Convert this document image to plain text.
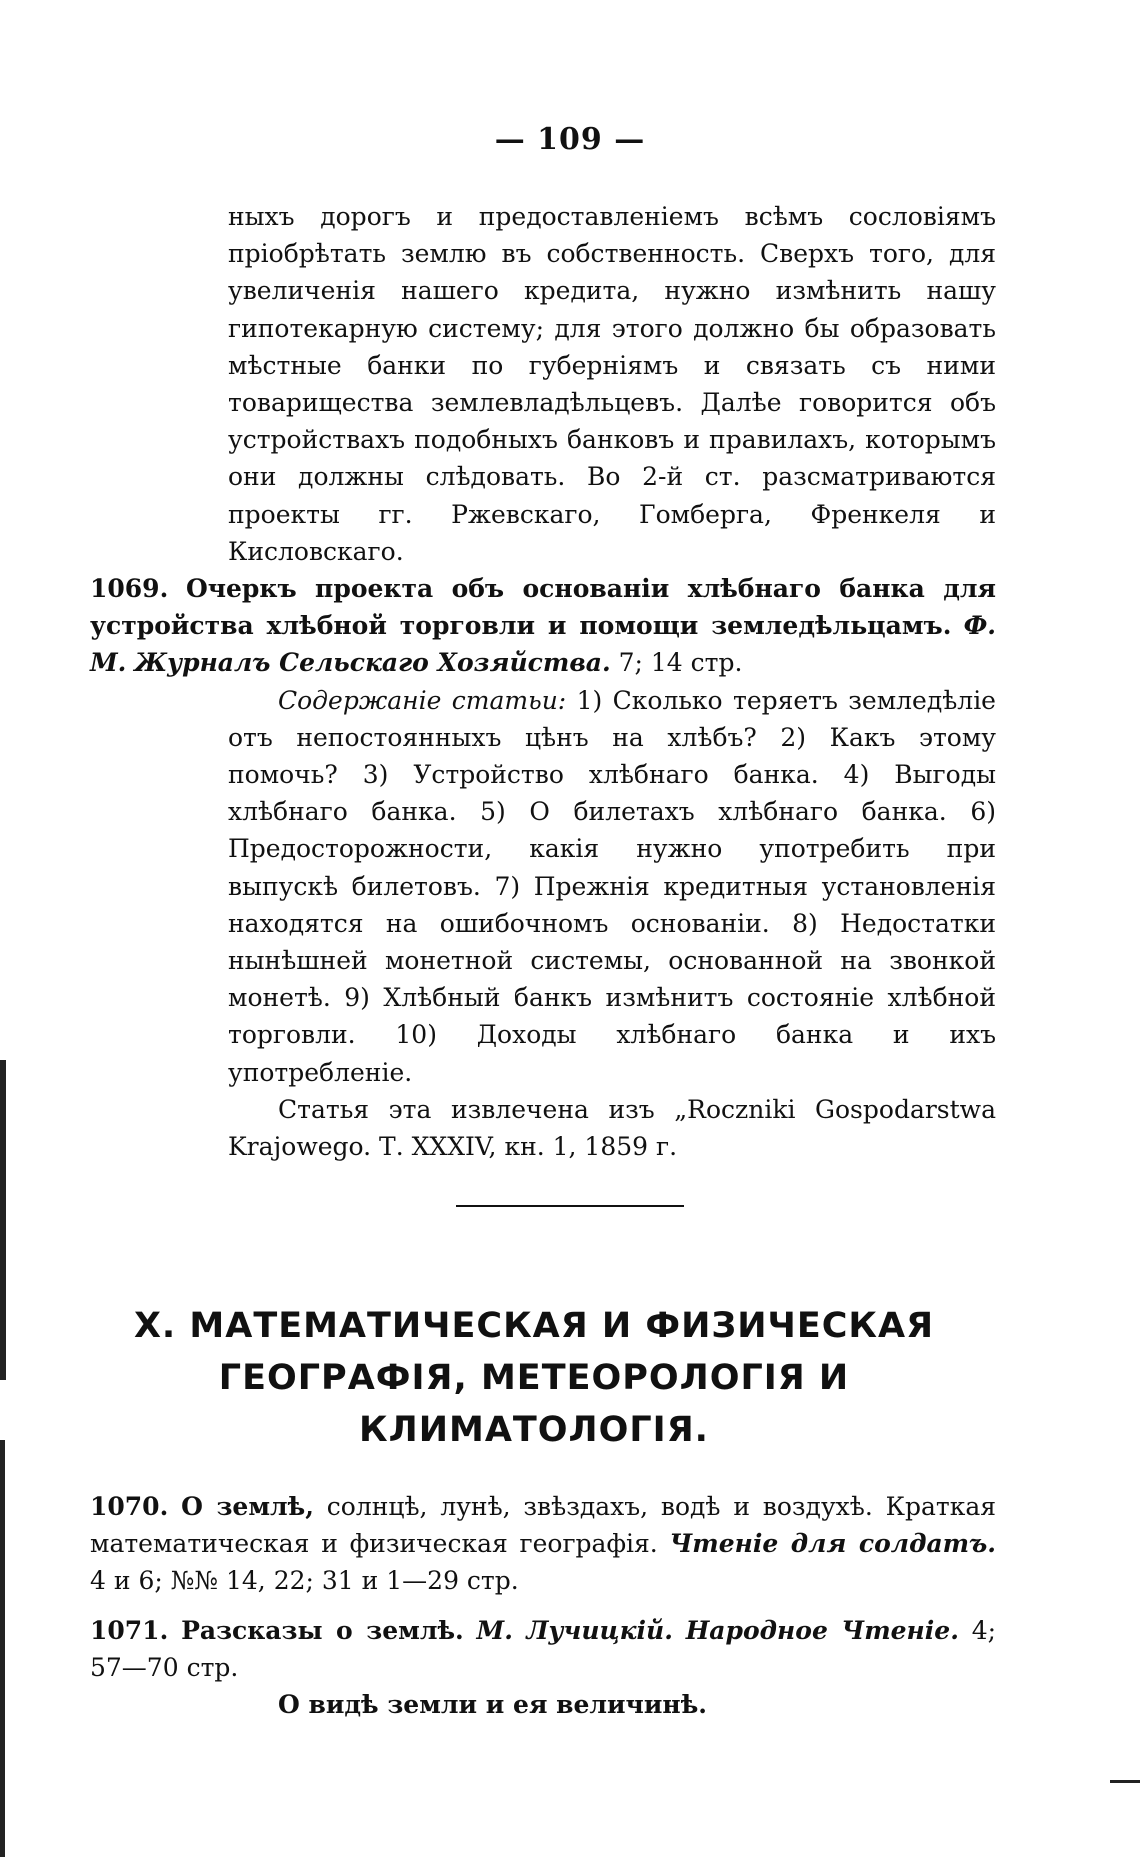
— 109 —

ныхъ дорогъ и предоставленіемъ всѣмъ сословіямъ пріобрѣтать землю въ собственность. Сверхъ того, для увеличенія нашего кредита, нужно измѣнить нашу гипотекарную систему; для этого должно бы образовать мѣстные банки по губерніямъ и связать съ ними товарищества землевладѣльцевъ. Далѣе говорится объ устройствахъ подобныхъ банковъ и правилахъ, которымъ они должны слѣдовать. Во 2-й ст. разсматриваются проекты гг. Ржевскаго, Гомберга, Френкеля и Кисловскаго.

1069. Очеркъ проекта объ основаніи хлѣбнаго банка для устройства хлѣбной торговли и помощи земледѣльцамъ. Ф. М. Журналъ Сельскаго Хозяйства. 7; 14 стр.

Содержаніе статьи: 1) Сколько теряетъ земледѣліе отъ непостоянныхъ цѣнъ на хлѣбъ? 2) Какъ этому помочь? 3) Устройство хлѣбнаго банка. 4) Выгоды хлѣбнаго банка. 5) О билетахъ хлѣбнаго банка. 6) Предосторожности, какія нужно употребить при выпускѣ билетовъ. 7) Прежнія кредитныя установленія находятся на ошибочномъ основаніи. 8) Недостатки нынѣшней монетной системы, основанной на звонкой монетѣ. 9) Хлѣбный банкъ измѣнитъ состояніе хлѣбной торговли. 10) Доходы хлѣбнаго банка и ихъ употребленіе.

Статья эта извлечена изъ „Roczniki Gospodarstwa Krajowego. Т. XXXIV, кн. 1, 1859 г.

X. МАТЕМАТИЧЕСКАЯ И ФИЗИЧЕСКАЯ ГЕОГРАФІЯ, МЕТЕОРОЛОГІЯ И КЛИМАТОЛОГІЯ.

1070. О землѣ, солнцѣ, лунѣ, звѣздахъ, водѣ и воздухѣ. Краткая математическая и физическая географія. Чтеніе для солдатъ. 4 и 6; №№ 14, 22; 31 и 1—29 стр.

1071. Разсказы о землѣ. М. Лучицкій. Народное Чтеніе. 4; 57—70 стр.

О видѣ земли и ея величинѣ.
